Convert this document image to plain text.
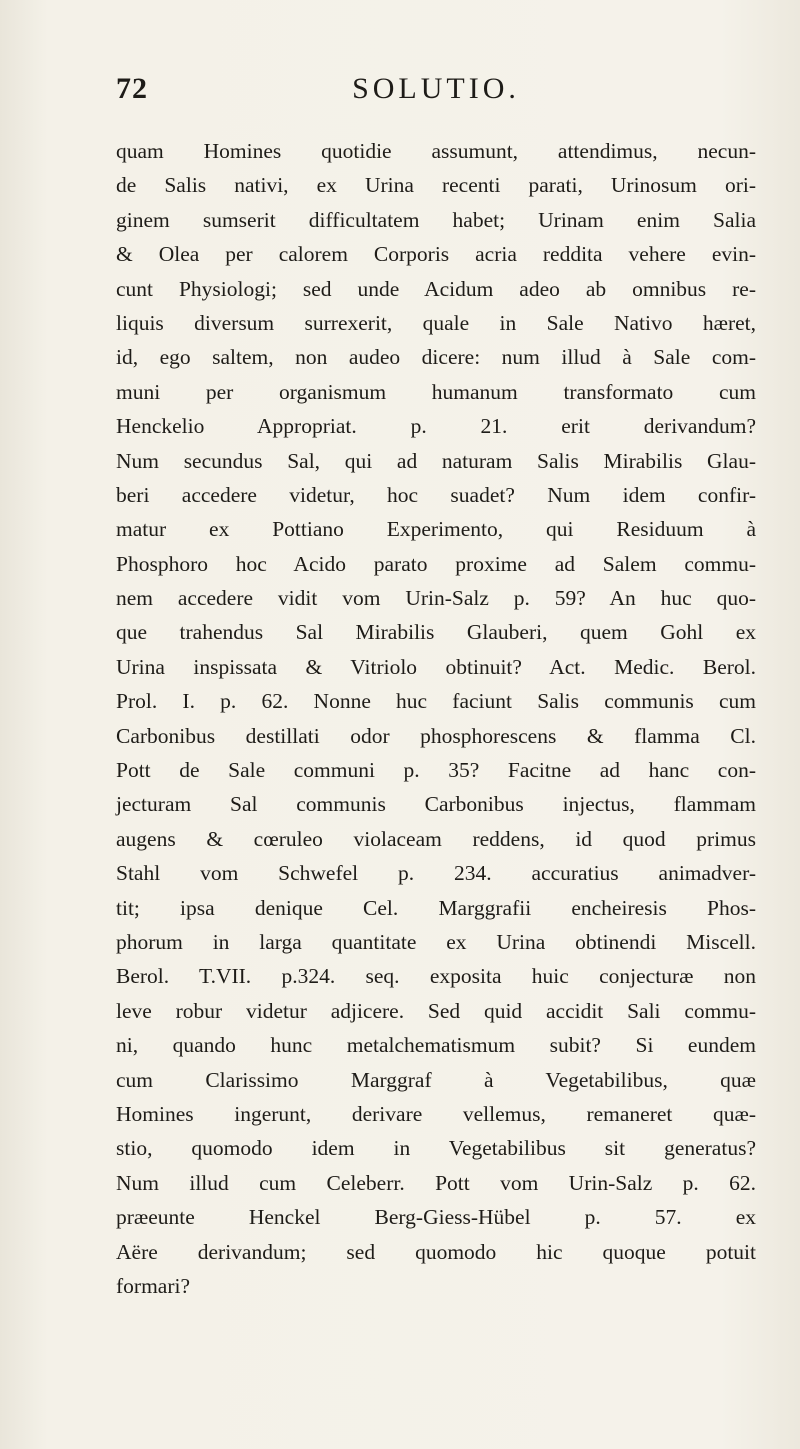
72	SOLUTIO.
quam Homines quotidie assumunt, attendimus, necun-
de Salis nativi, ex Urina recenti parati, Urinosum ori-
ginem sumserit difficultatem habet; Urinam enim Salia
& Olea per calorem Corporis acria reddita vehere evin-
cunt Physiologi; sed unde Acidum adeo ab omnibus re-
liquis diversum surrexerit, quale in Sale Nativo hæret,
id, ego saltem, non audeo dicere: num illud à Sale com-
muni per organismum humanum transformato cum
Henckelio Appropriat. p. 21. erit derivandum?
Num secundus Sal, qui ad naturam Salis Mirabilis Glau-
beri accedere videtur, hoc suadet? Num idem confir-
matur ex Pottiano Experimento, qui Residuum à
Phosphoro hoc Acido parato proxime ad Salem commu-
nem accedere vidit vom Urin-Salz p. 59? An huc quo-
que trahendus Sal Mirabilis Glauberi, quem Gohl ex
Urina inspissata & Vitriolo obtinuit? Act. Medic. Berol.
Prol. I. p. 62. Nonne huc faciunt Salis communis cum
Carbonibus destillati odor phosphorescens & flamma Cl.
Pott de Sale communi p. 35? Facitne ad hanc con-
jecturam Sal communis Carbonibus injectus, flammam
augens & cœruleo violaceam reddens, id quod primus
Stahl vom Schwefel p. 234. accuratius animadver-
tit; ipsa denique Cel. Marggrafii encheiresis Phos-
phorum in larga quantitate ex Urina obtinendi Miscell.
Berol. T.VII. p.324. seq. exposita huic conjecturæ non
leve robur videtur adjicere. Sed quid accidit Sali commu-
ni, quando hunc metalchematismum subit? Si eundem
cum Clarissimo Marggraf à Vegetabilibus, quæ
Homines ingerunt, derivare vellemus, remaneret quæ-
stio, quomodo idem in Vegetabilibus sit generatus?
Num illud cum Celeberr. Pott vom Urin-Salz p. 62.
præeunte Henckel Berg-Giess-Hübel p. 57. ex
Aëre derivandum; sed quomodo hic quoque potuit
formari?
